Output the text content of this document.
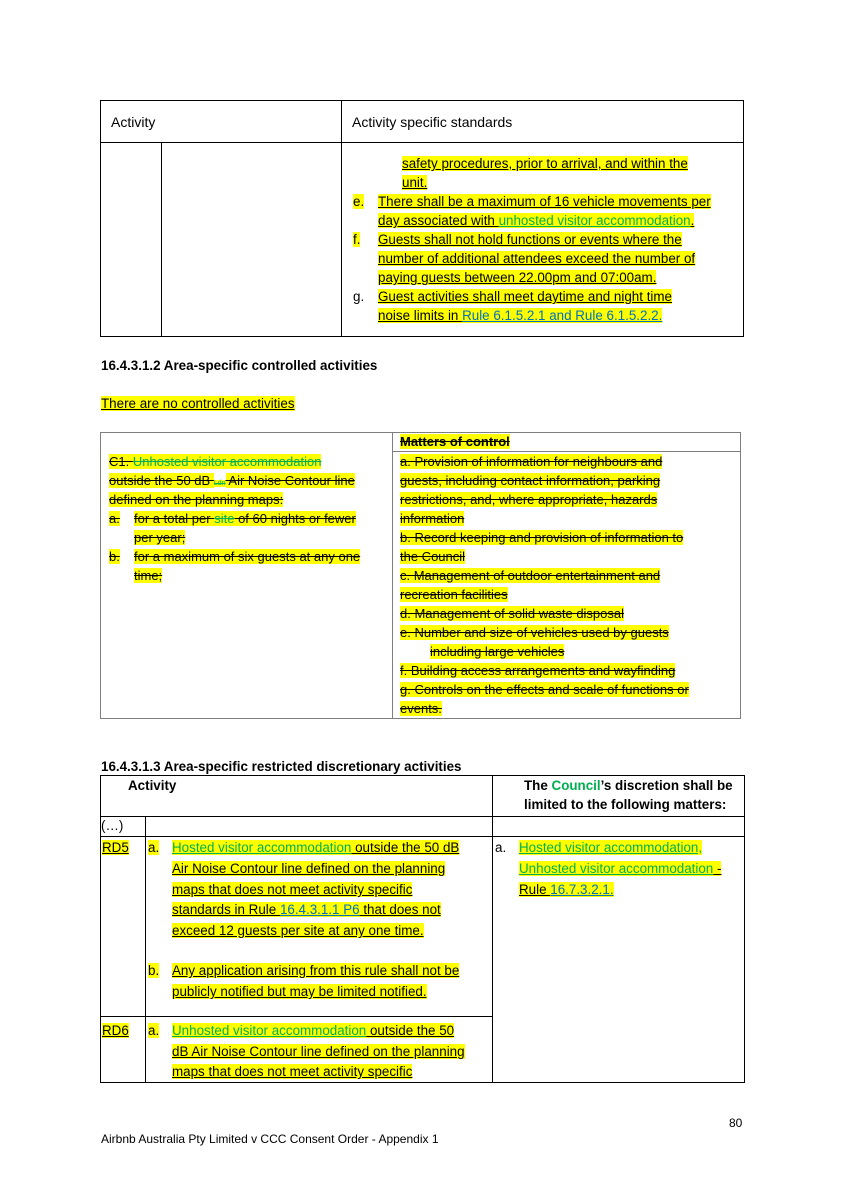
Activity	Activity specific standards
safety procedures, prior to arrival, and within the
unit.
e. There shall be a maximum of 16 vehicle movements per
day associated with unhosted visitor accommodation.
f. Guests shall not hold functions or events where the
number of additional attendees exceed the number of
paying guests between 22.00pm and 07:00am.
g. Guest activities shall meet daytime and night time
noise limits in Rule 6.1.5.2.1 and Rule 6.1.5.2.2.
16.4.3.1.2 Area-specific controlled activities
There are no controlled activities
Matters of control
C1. Unhosted visitor accommodation
outside the 50 dB Ldn Air Noise Contour line
defined on the planning maps:
a. for a total per site of 60 nights or fewer
per year;
b. for a maximum of six guests at any one
time;
a. Provision of information for neighbours and
guests, including contact information, parking
restrictions, and, where appropriate, hazards
information
b. Record keeping and provision of information to
the Council
c. Management of outdoor entertainment and
recreation facilities
d. Management of solid waste disposal
e. Number and size of vehicles used by guests
including large vehicles
f. Building access arrangements and wayfinding
g. Controls on the effects and scale of functions or
events.
16.4.3.1.3 Area-specific restricted discretionary activities
Activity	The Council’s discretion shall be
limited to the following matters:
(…)
RD5 a. Hosted visitor accommodation outside the 50 dB
Air Noise Contour line defined on the planning
maps that does not meet activity specific
standards in Rule 16.4.3.1.1 P6 that does not
exceed 12 guests per site at any one time.
b. Any application arising from this rule shall not be
publicly notified but may be limited notified.
RD6 a. Unhosted visitor accommodation outside the 50
dB Air Noise Contour line defined on the planning
maps that does not meet activity specific
a. Hosted visitor accommodation,
Unhosted visitor accommodation -
Rule 16.7.3.2.1.
80
Airbnb Australia Pty Limited v CCC Consent Order - Appendix 1
